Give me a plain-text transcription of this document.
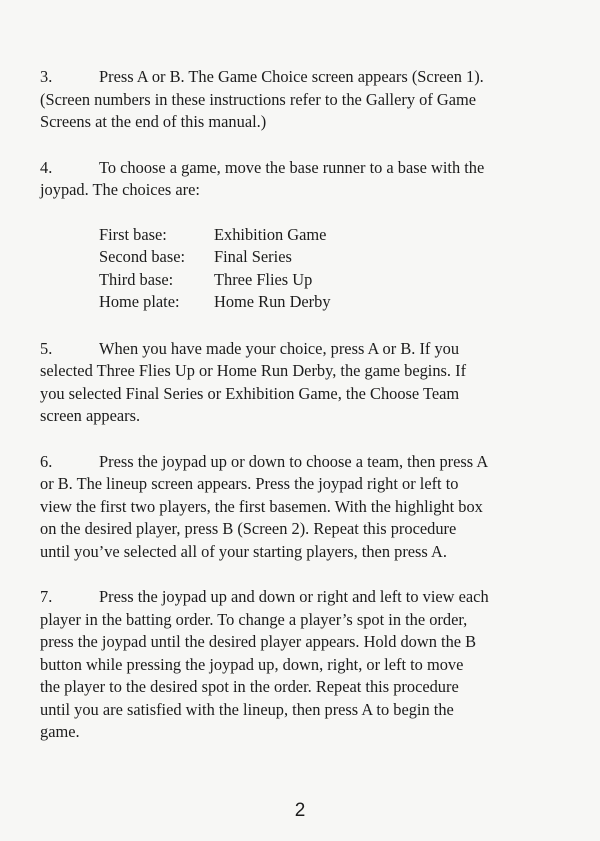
3.	Press A or B. The Game Choice screen appears (Screen 1).
(Screen numbers in these instructions refer to the Gallery of Game
Screens at the end of this manual.)

4.	To choose a game, move the base runner to a base with the
joypad. The choices are:

First base:	Exhibition Game
Second base:	Final Series
Third base:	Three Flies Up
Home plate:	Home Run Derby

5.	When you have made your choice, press A or B. If you
selected Three Flies Up or Home Run Derby, the game begins. If
you selected Final Series or Exhibition Game, the Choose Team
screen appears.

6.	Press the joypad up or down to choose a team, then press A
or B. The lineup screen appears. Press the joypad right or left to
view the first two players, the first basemen. With the highlight box
on the desired player, press B (Screen 2). Repeat this procedure
until you’ve selected all of your starting players, then press A.

7.	Press the joypad up and down or right and left to view each
player in the batting order. To change a player’s spot in the order,
press the joypad until the desired player appears. Hold down the B
button while pressing the joypad up, down, right, or left to move
the player to the desired spot in the order. Repeat this procedure
until you are satisfied with the lineup, then press A to begin the
game.

2
